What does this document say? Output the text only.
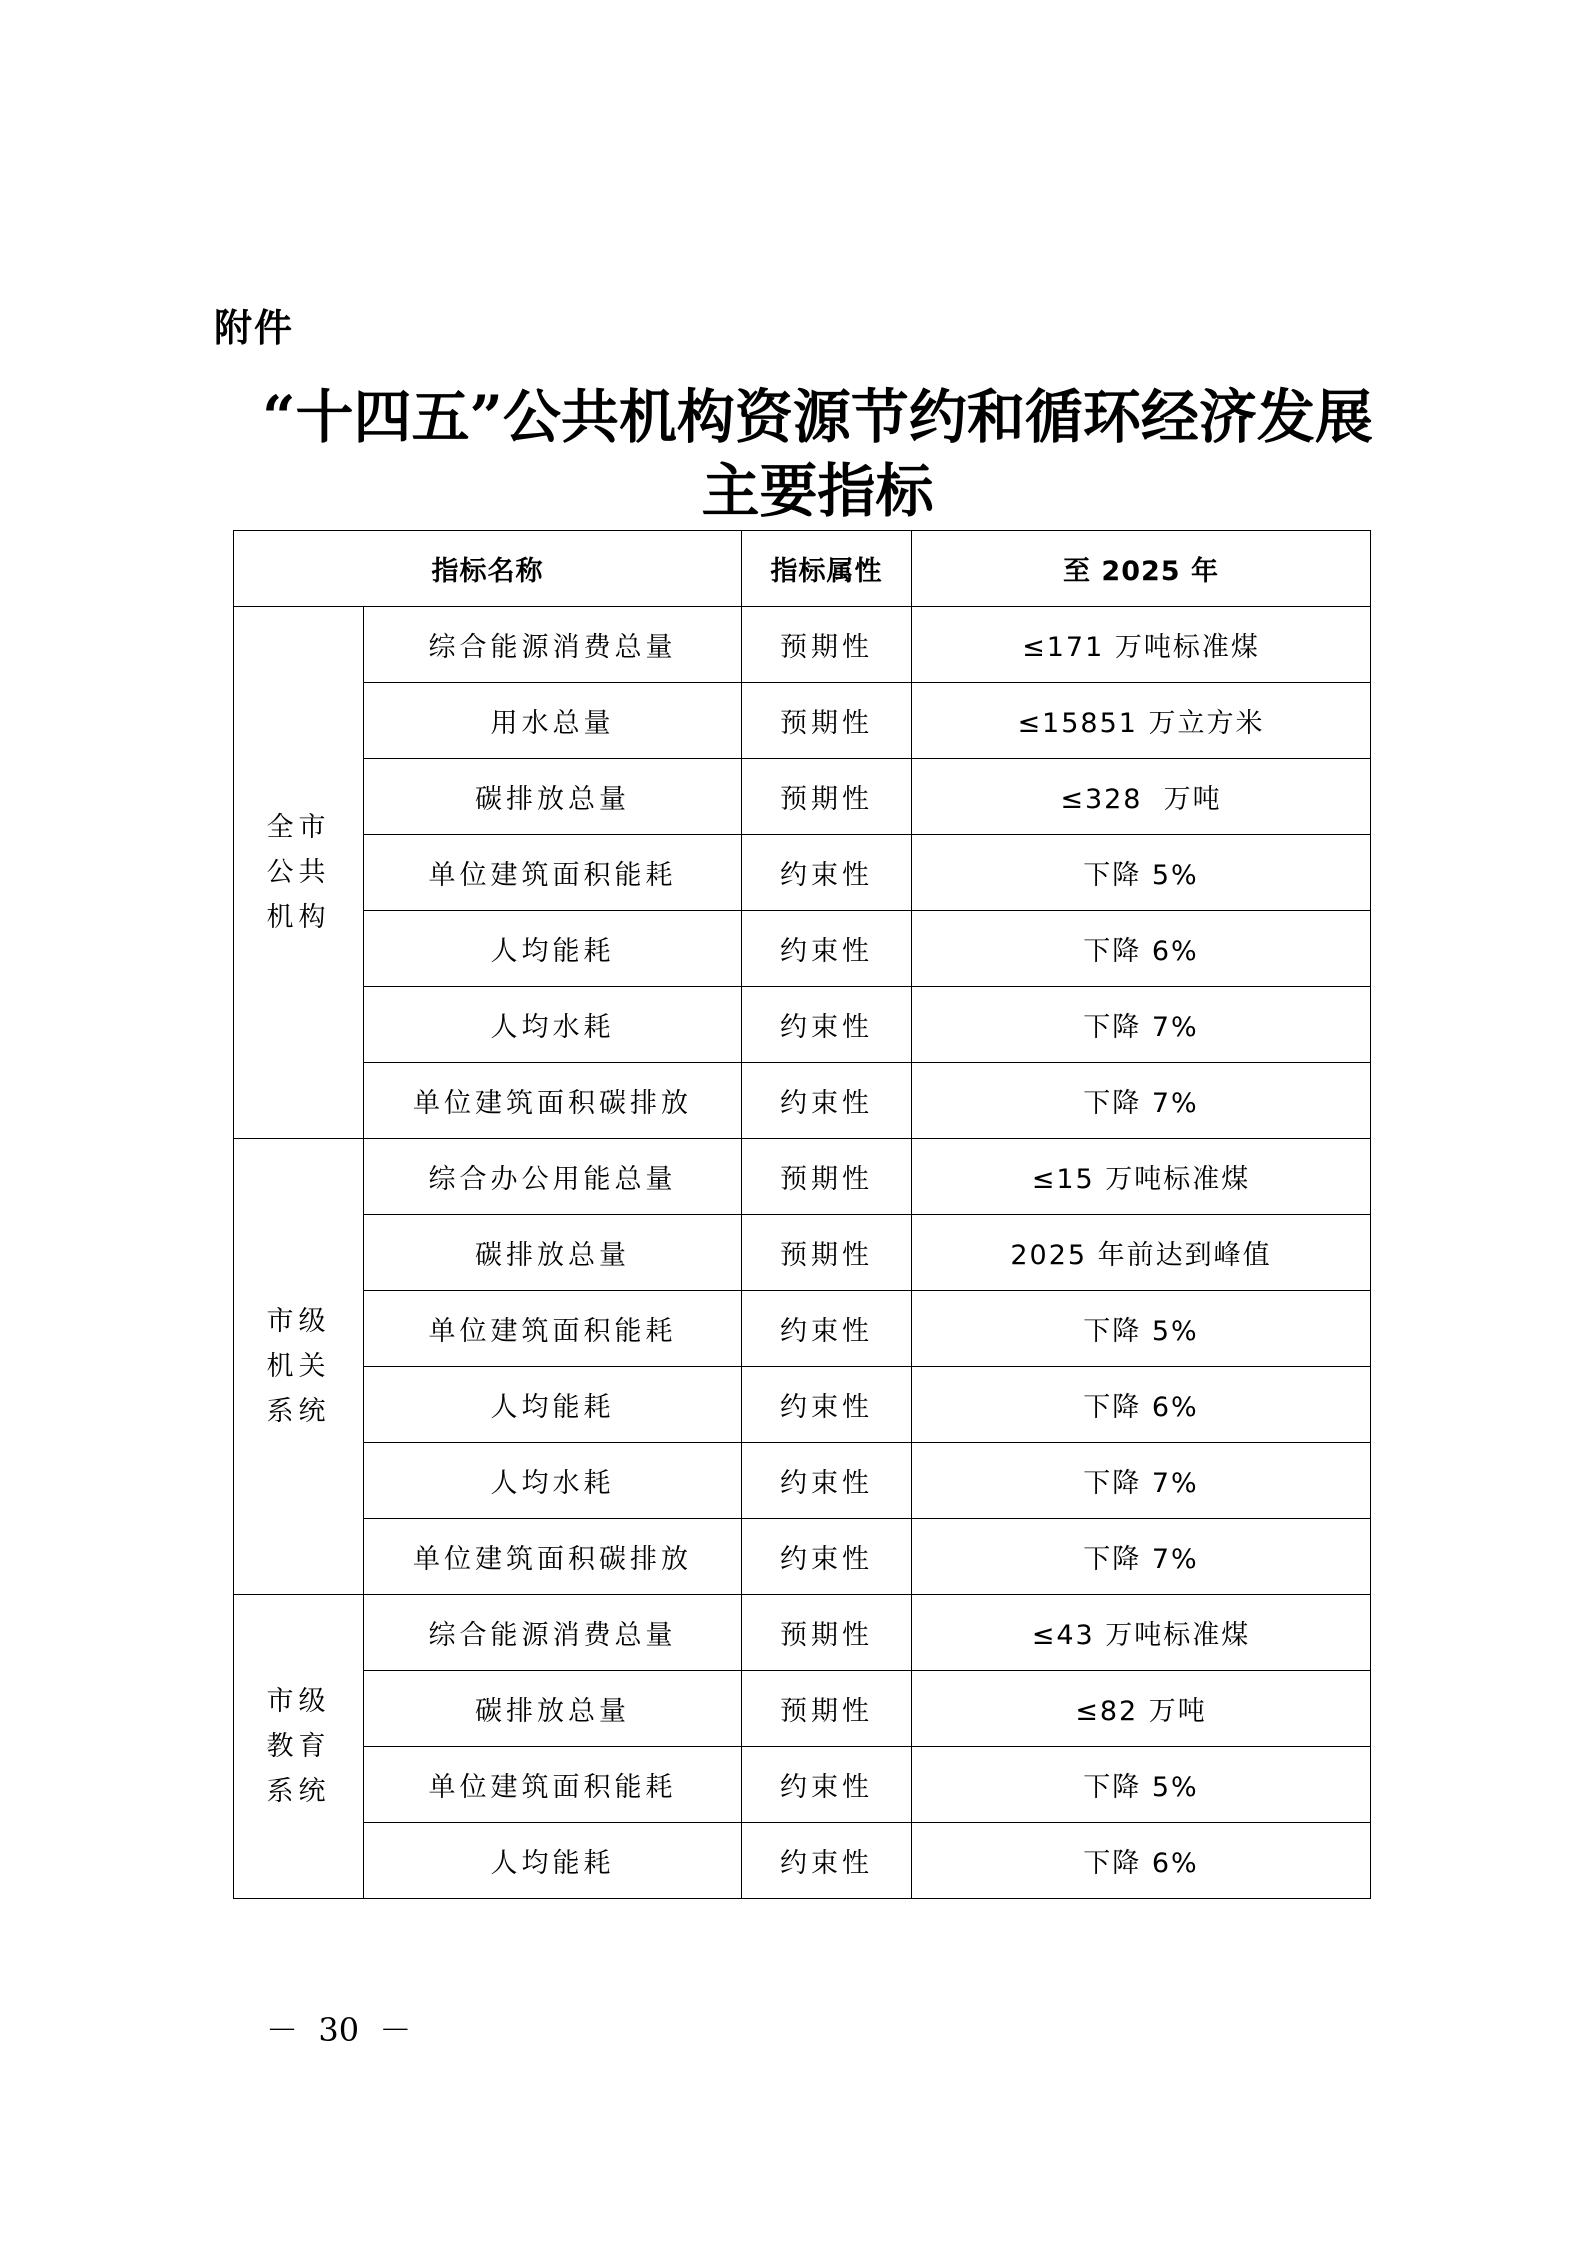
附件
“十四五”公共机构资源节约和循环经济发展
主要指标
指标名称		指标属性	至 2025 年
全市
公共
机构	综合能源消费总量	预期性	≤171 万吨标准煤
	用水总量	预期性	≤15851 万立方米
	碳排放总量	预期性	≤328  万吨
	单位建筑面积能耗	约束性	下降 5%
	人均能耗	约束性	下降 6%
	人均水耗	约束性	下降 7%
	单位建筑面积碳排放	约束性	下降 7%
市级
机关
系统	综合办公用能总量	预期性	≤15 万吨标准煤
	碳排放总量	预期性	2025 年前达到峰值
	单位建筑面积能耗	约束性	下降 5%
	人均能耗	约束性	下降 6%
	人均水耗	约束性	下降 7%
	单位建筑面积碳排放	约束性	下降 7%
市级
教育
系统	综合能源消费总量	预期性	≤43 万吨标准煤
	碳排放总量	预期性	≤82 万吨
	单位建筑面积能耗	约束性	下降 5%
	人均能耗	约束性	下降 6%
－  30  －
